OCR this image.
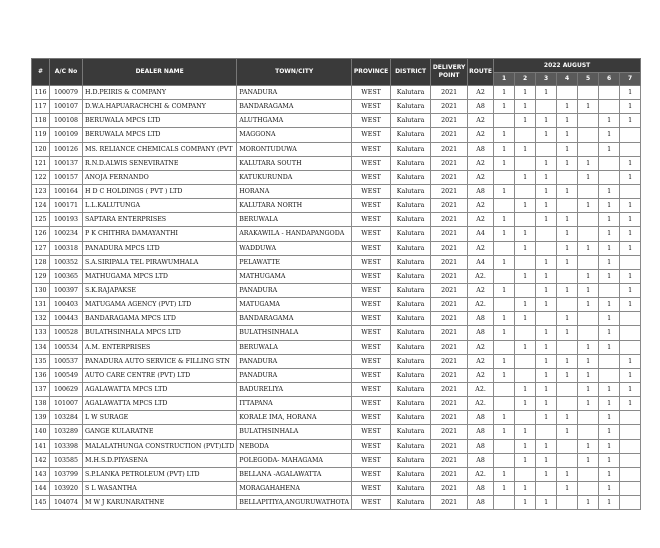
#	A/C No	DEALER NAME	TOWN/CITY	PROVINCE	DISTRICT	DELIVERY POINT	ROUTE	2022 AUGUST						
								1	2	3	4	5	6	7
116	100079	H.D.PEIRIS & COMPANY	PANADURA	WEST	Kalutara	2021	A2	1	1	1				1
117	100107	D.W.A.HAPUARACHCHI & COMPANY	BANDARAGAMA	WEST	Kalutara	2021	A8	1	1		1	1		1
118	100108	BERUWALA MPCS LTD	ALUTHGAMA	WEST	Kalutara	2021	A2		1	1	1		1	1
119	100109	BERUWALA MPCS LTD	MAGGONA	WEST	Kalutara	2021	A2	1		1	1		1	
120	100126	MS. RELIANCE CHEMICALS COMPANY (PVT	MORONTUDUWA	WEST	Kalutara	2021	A8	1	1		1		1	
121	100137	R.N.D.ALWIS SENEVIRATNE	KALUTARA SOUTH	WEST	Kalutara	2021	A2	1		1	1	1		1
122	100157	ANOJA FERNANDO	KATUKURUNDA	WEST	Kalutara	2021	A2		1	1		1		1
123	100164	H D C HOLDINGS ( PVT ) LTD	HORANA	WEST	Kalutara	2021	A8	1		1	1		1	
124	100171	L.L.KALUTUNGA	KALUTARA NORTH	WEST	Kalutara	2021	A2		1	1		1	1	1
125	100193	SAPTARA ENTERPRISES	BERUWALA	WEST	Kalutara	2021	A2	1		1	1		1	1
126	100234	P K CHITHRA DAMAYANTHI	ARAKAWILA - HANDAPANGODA	WEST	Kalutara	2021	A4	1	1		1		1	1
127	100318	PANADURA MPCS LTD	WADDUWA	WEST	Kalutara	2021	A2		1		1	1	1	1
128	100352	S.A.SIRIPALA TEL PIRAWUMHALA	PELAWATTE	WEST	Kalutara	2021	A4	1		1	1		1	
129	100365	MATHUGAMA MPCS LTD	MATHUGAMA	WEST	Kalutara	2021	A2.		1	1		1	1	1
130	100397	S.K.RAJAPAKSE	PANADURA	WEST	Kalutara	2021	A2	1		1	1	1		1
131	100403	MATUGAMA AGENCY (PVT) LTD	MATUGAMA	WEST	Kalutara	2021	A2.		1	1		1	1	1
132	100443	BANDARAGAMA MPCS LTD	BANDARAGAMA	WEST	Kalutara	2021	A8	1	1		1		1	
133	100528	BULATHSINHALA MPCS LTD	BULATHSINHALA	WEST	Kalutara	2021	A8	1		1	1		1	
134	100534	A.M. ENTERPRISES	BERUWALA	WEST	Kalutara	2021	A2		1	1		1	1	
135	100537	PANADURA AUTO SERVICE & FILLING STN	PANADURA	WEST	Kalutara	2021	A2	1		1	1	1		1
136	100549	AUTO CARE CENTRE (PVT) LTD	PANADURA	WEST	Kalutara	2021	A2	1		1	1	1		1
137	100629	AGALAWATTA MPCS LTD	BADURELIYA	WEST	Kalutara	2021	A2.		1	1		1	1	1
138	101007	AGALAWATTA MPCS LTD	ITTAPANA	WEST	Kalutara	2021	A2.		1	1		1	1	1
139	103284	L W SURAGE	KORALE IMA, HORANA	WEST	Kalutara	2021	A8	1		1	1		1	
140	103289	GANGE KULARATNE	BULATHSINHALA	WEST	Kalutara	2021	A8	1	1		1		1	
141	103398	MALALATHUNGA CONSTRUCTION (PVT)LTD	NEBODA	WEST	Kalutara	2021	A8		1	1		1	1	
142	103585	M.H.S.D.PIYASENA	POLEGODA- MAHAGAMA	WEST	Kalutara	2021	A8		1	1		1	1	
143	103799	S.P.LANKA PETROLEUM (PVT) LTD	BELLANA -AGALAWATTA	WEST	Kalutara	2021	A2.	1		1	1		1	
144	103920	S L WASANTHA	MORAGAHAHENA	WEST	Kalutara	2021	A8	1	1		1		1	
145	104074	M W J KARUNARATHNE	BELLAPITIYA,ANGURUWATHOTA	WEST	Kalutara	2021	A8		1	1		1	1	
